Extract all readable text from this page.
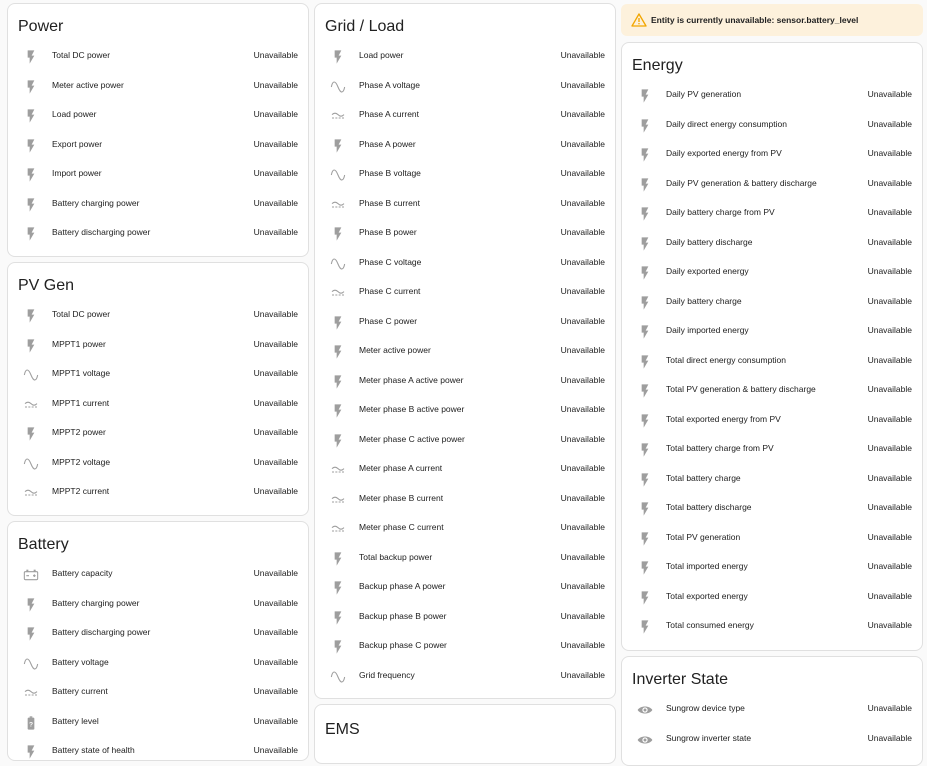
Entity is currently unavailable: sensor.battery_level
Power
Total DC power	Unavailable
Meter active power	Unavailable
Load power	Unavailable
Export power	Unavailable
Import power	Unavailable
Battery charging power	Unavailable
Battery discharging power	Unavailable
PV Gen
Total DC power	Unavailable
MPPT1 power	Unavailable
MPPT1 voltage	Unavailable
MPPT1 current	Unavailable
MPPT2 power	Unavailable
MPPT2 voltage	Unavailable
MPPT2 current	Unavailable
Battery
Battery capacity	Unavailable
Battery charging power	Unavailable
Battery discharging power	Unavailable
Battery voltage	Unavailable
Battery current	Unavailable
? Battery level	Unavailable
Battery state of health	Unavailable
Grid / Load
Load power	Unavailable
Phase A voltage	Unavailable
Phase A current	Unavailable
Phase A power	Unavailable
Phase B voltage	Unavailable
Phase B current	Unavailable
Phase B power	Unavailable
Phase C voltage	Unavailable
Phase C current	Unavailable
Phase C power	Unavailable
Meter active power	Unavailable
Meter phase A active power	Unavailable
Meter phase B active power	Unavailable
Meter phase C active power	Unavailable
Meter phase A current	Unavailable
Meter phase B current	Unavailable
Meter phase C current	Unavailable
Total backup power	Unavailable
Backup phase A power	Unavailable
Backup phase B power	Unavailable
Backup phase C power	Unavailable
Grid frequency	Unavailable
EMS
Energy
Daily PV generation	Unavailable
Daily direct energy consumption	Unavailable
Daily exported energy from PV	Unavailable
Daily PV generation & battery discharge	Unavailable
Daily battery charge from PV	Unavailable
Daily battery discharge	Unavailable
Daily exported energy	Unavailable
Daily battery charge	Unavailable
Daily imported energy	Unavailable
Total direct energy consumption	Unavailable
Total PV generation & battery discharge	Unavailable
Total exported energy from PV	Unavailable
Total battery charge from PV	Unavailable
Total battery charge	Unavailable
Total battery discharge	Unavailable
Total PV generation	Unavailable
Total imported energy	Unavailable
Total exported energy	Unavailable
Total consumed energy	Unavailable
Inverter State
Sungrow device type	Unavailable
Sungrow inverter state	Unavailable
